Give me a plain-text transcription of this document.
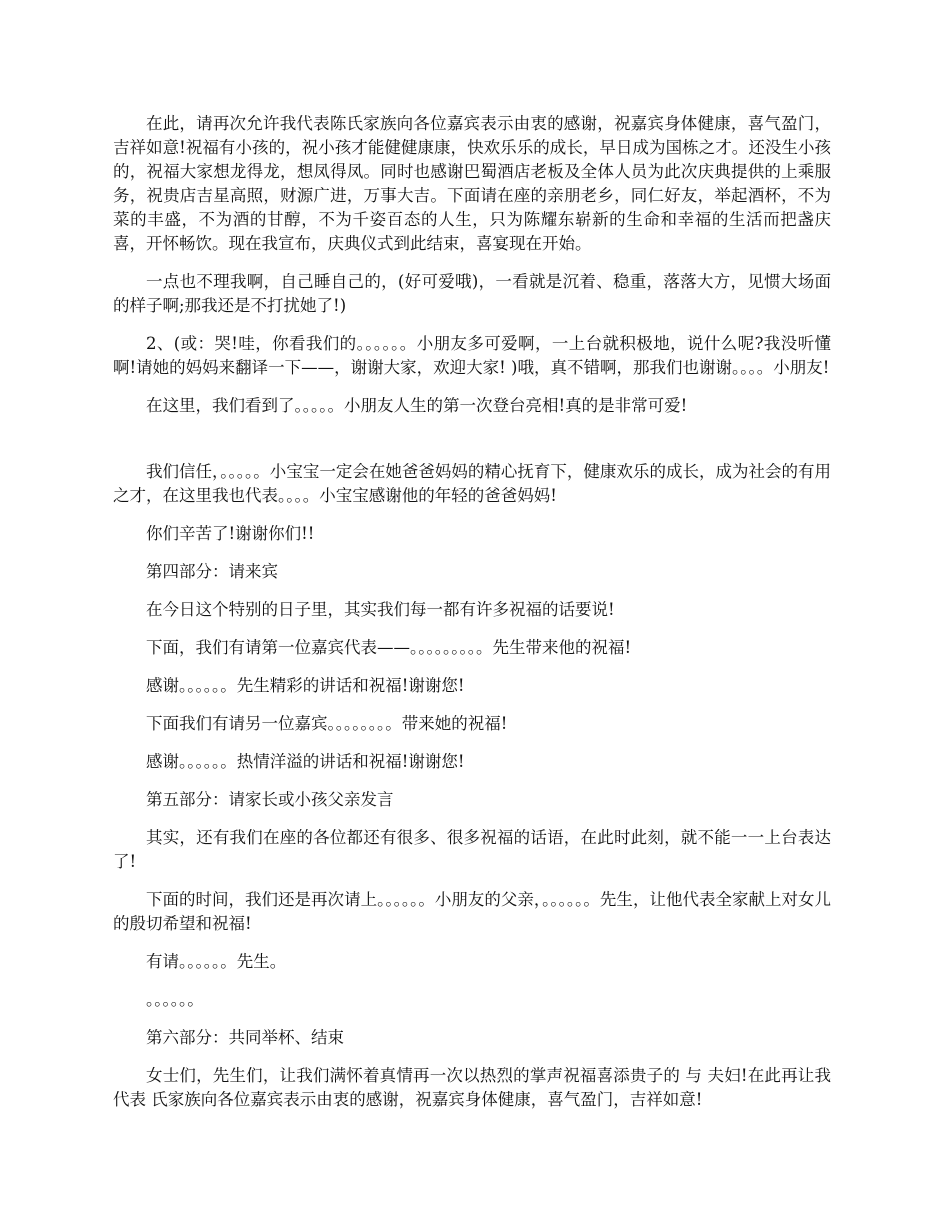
在此，请再次允许我代表陈氏家族向各位嘉宾表示由衷的感谢，祝嘉宾身体健康，喜气盈门，吉祥如意!祝福有小孩的，祝小孩才能健健康康，快欢乐乐的成长，早日成为国栋之才。还没生小孩的，祝福大家想龙得龙，想凤得凤。同时也感谢巴蜀酒店老板及全体人员为此次庆典提供的上乘服务，祝贵店吉星高照，财源广进，万事大吉。下面请在座的亲朋老乡，同仁好友，举起酒杯，不为菜的丰盛，不为酒的甘醇，不为千姿百态的人生，只为陈耀东崭新的生命和幸福的生活而把盏庆喜，开怀畅饮。现在我宣布，庆典仪式到此结束，喜宴现在开始。

一点也不理我啊，自己睡自己的，(好可爱哦)，一看就是沉着、稳重，落落大方，见惯大场面的样子啊;那我还是不打扰她了!)

2、(或：哭!哇，你看我们的。。。。。。小朋友多可爱啊，一上台就积极地，说什么呢?我没听懂啊!请她的妈妈来翻译一下——，谢谢大家，欢迎大家! )哦，真不错啊，那我们也谢谢。。。。小朋友!

在这里，我们看到了。。。。。小朋友人生的第一次登台亮相!真的是非常可爱!

我们信任，。。。。。小宝宝一定会在她爸爸妈妈的精心抚育下，健康欢乐的成长，成为社会的有用之才，在这里我也代表。。。。小宝宝感谢他的年轻的爸爸妈妈!

你们辛苦了!谢谢你们!!

第四部分：请来宾

在今日这个特别的日子里，其实我们每一都有许多祝福的话要说!

下面，我们有请第一位嘉宾代表——。。。。。。。。。先生带来他的祝福!

感谢。。。。。。先生精彩的讲话和祝福!谢谢您!

下面我们有请另一位嘉宾。。。。。。。。带来她的祝福!

感谢。。。。。。热情洋溢的讲话和祝福!谢谢您!

第五部分：请家长或小孩父亲发言

其实，还有我们在座的各位都还有很多、很多祝福的话语，在此时此刻，就不能一一上台表达了!

下面的时间，我们还是再次请上。。。。。。小朋友的父亲，。。。。。。先生，让他代表全家献上对女儿的殷切希望和祝福!

有请。。。。。。先生。

。。。。。。

第六部分：共同举杯、结束

女士们，先生们，让我们满怀着真情再一次以热烈的掌声祝福喜添贵子的 与 夫妇!在此再让我代表 氏家族向各位嘉宾表示由衷的感谢，祝嘉宾身体健康，喜气盈门，吉祥如意!
